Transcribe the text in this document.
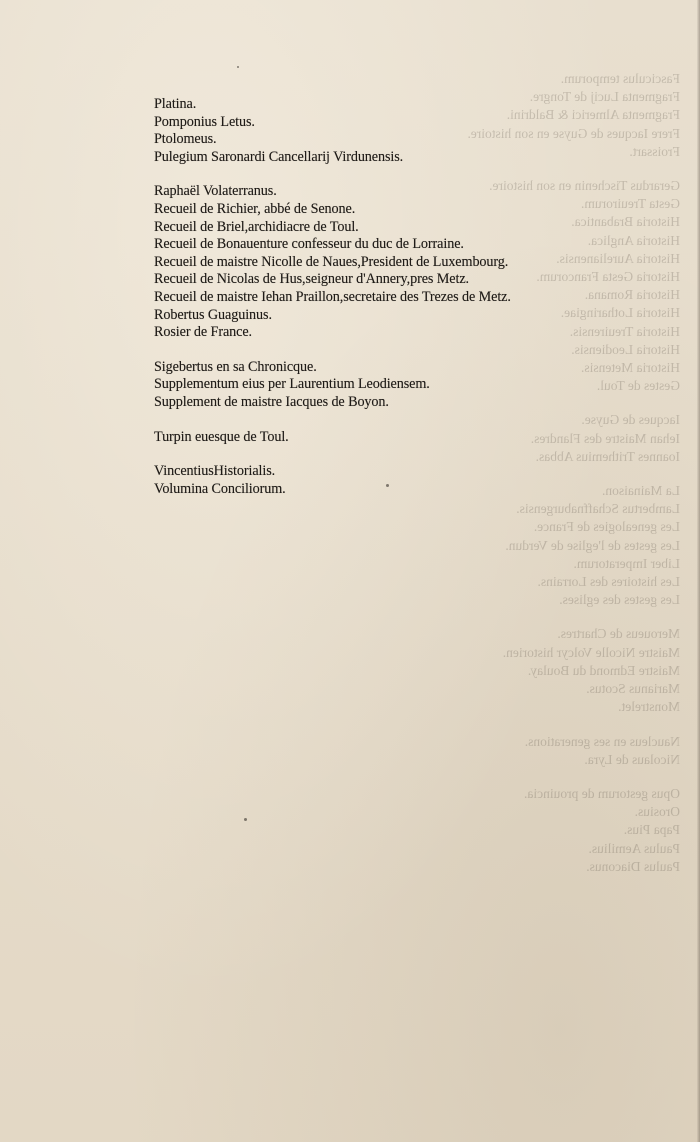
Fasciculus temporum.
Fragmenta Lucij de Tongre.
Fragmenta Almerici & Baldrini.
Frere Iacques de Guyse en son histoire.
Froissart.
Gerardus Tischenin en son histoire.
Gesta Treuirorum.
Historia Brabantica.
Historia Anglica.
Historia Aurelianensis.
Historia Gesta Francorum.
Historia Romana.
Historia Lotharingiae.
Historia Treuirensis.
Historia Leodiensis.
Historia Metensis.
Gestes de Toul.
Iacques de Guyse.
Iehan Maistre des Flandres.
Ioannes Trithemius Abbas.
La Mainaison.
Lambertus Schaffnaburgensis.
Les genealogies de France.
Les gestes de l'eglise de Verdun.
Liber Imperatorum.
Les histoires des Lorrains.
Les gestes des eglises.
Meroueus de Chartres.
Maistre Nicolle Volcyr historien.
Maistre Edmond du Boulay.
Marianus Scotus.
Monstrelet.
Naucleus en ses generations.
Nicolaus de Lyra.
Opus gestorum de prouincia.
Orosius.
Papa Pius.
Paulus Aemilius.
Paulus Diaconus.
Platina.
Pomponius Letus.
Ptolomeus.
Pulegium Saronardi Cancellarij Virdunensis.
Raphaël Volaterranus.
Recueil de Richier, abbé de Senone.
Recueil de Briel,archidiacre de Toul.
Recueil de Bonauenture confesseur du duc de Lorraine.
Recueil de maistre Nicolle de Naues,President de Luxembourg.
Recueil de Nicolas de Hus,seigneur d'Annery,pres Metz.
Recueil de maistre Iehan Praillon,secretaire des Trezes de Metz.
Robertus Guaguinus.
Rosier de France.
Sigebertus en sa Chronicque.
Supplementum eius per Laurentium Leodiensem.
Supplement de maistre Iacques de Boyon.
Turpin euesque de Toul.
VincentiusHistorialis.
Volumina Conciliorum.
